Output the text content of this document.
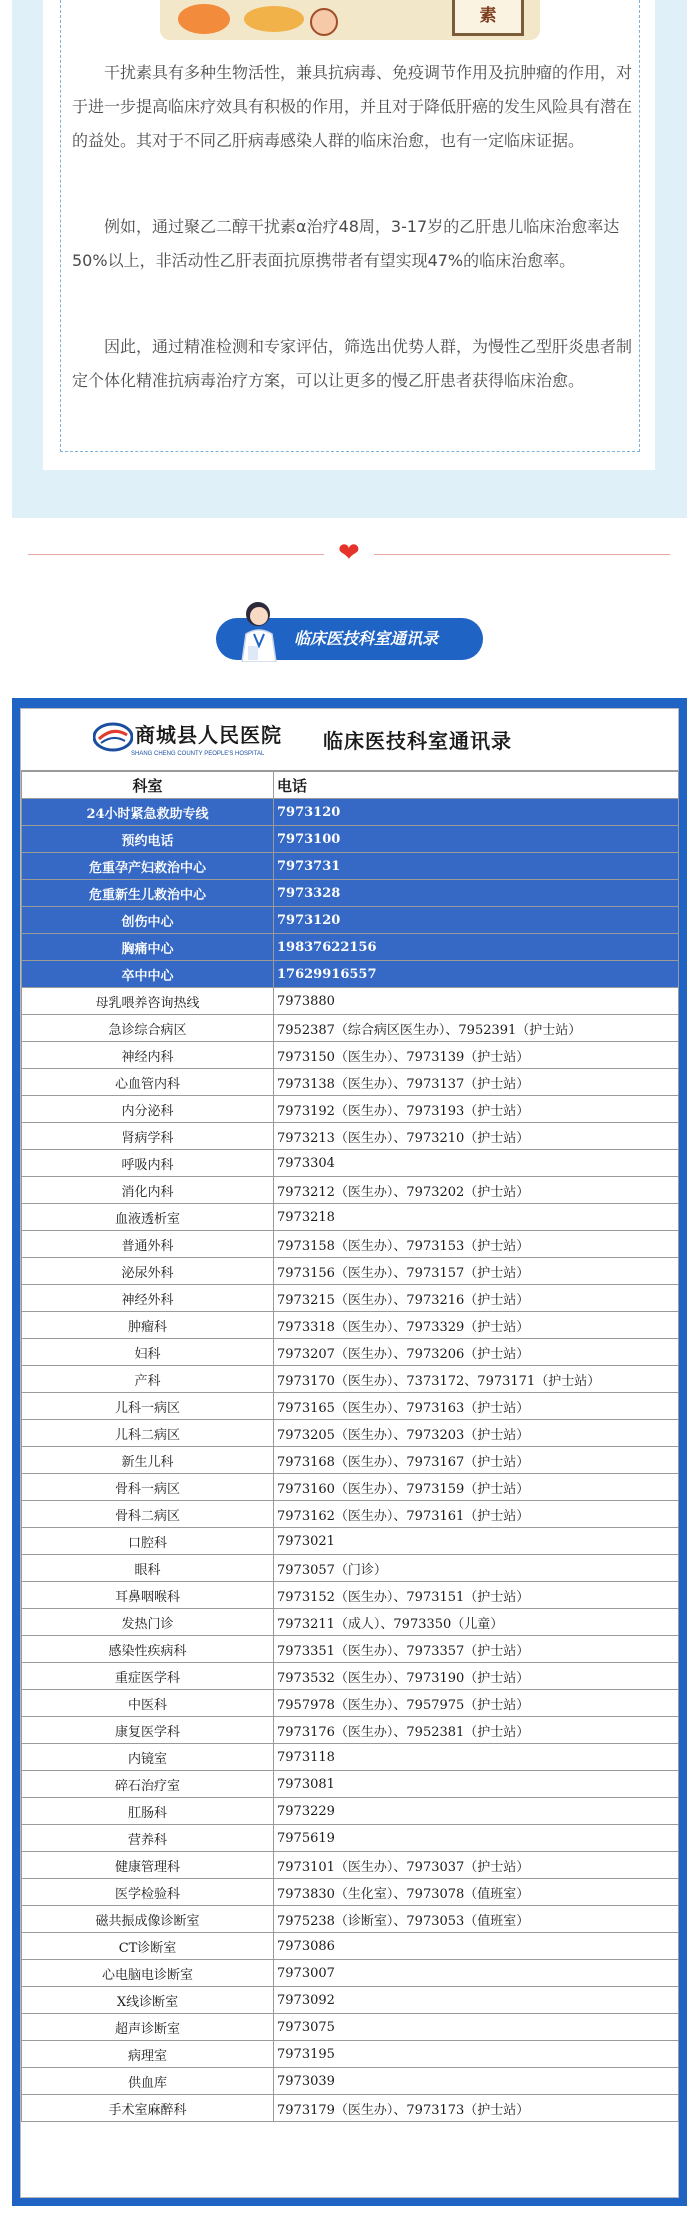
素

干扰素具有多种生物活性，兼具抗病毒、免疫调节作用及抗肿瘤的作用，对于进一步提高临床疗效具有积极的作用，并且对于降低肝癌的发生风险具有潜在的益处。其对于不同乙肝病毒感染人群的临床治愈，也有一定临床证据。

例如，通过聚乙二醇干扰素α治疗48周，3-17岁的乙肝患儿临床治愈率达50%以上，非活动性乙肝表面抗原携带者有望实现47%的临床治愈率。

因此，通过精准检测和专家评估，筛选出优势人群，为慢性乙型肝炎患者制定个体化精准抗病毒治疗方案，可以让更多的慢乙肝患者获得临床治愈。

❤
临床医技科室通讯录
商城县人民医院
SHANG CHENG COUNTY PEOPLE'S HOSPITAL
临床医技科室通讯录
科室	电话
24小时紧急救助专线	7973120
预约电话	7973100
危重孕产妇救治中心	7973731
危重新生儿救治中心	7973328
创伤中心	7973120
胸痛中心	19837622156
卒中中心	17629916557
母乳喂养咨询热线	7973880
急诊综合病区	7952387（综合病区医生办）、7952391（护士站）
神经内科	7973150（医生办）、7973139（护士站）
心血管内科	7973138（医生办）、7973137（护士站）
内分泌科	7973192（医生办）、7973193（护士站）
肾病学科	7973213（医生办）、7973210（护士站）
呼吸内科	7973304
消化内科	7973212（医生办）、7973202（护士站）
血液透析室	7973218
普通外科	7973158（医生办）、7973153（护士站）
泌尿外科	7973156（医生办）、7973157（护士站）
神经外科	7973215（医生办）、7973216（护士站）
肿瘤科	7973318（医生办）、7973329（护士站）
妇科	7973207（医生办）、7973206（护士站）
产科	7973170（医生办）、7373172、7973171（护士站）
儿科一病区	7973165（医生办）、7973163（护士站）
儿科二病区	7973205（医生办）、7973203（护士站）
新生儿科	7973168（医生办）、7973167（护士站）
骨科一病区	7973160（医生办）、7973159（护士站）
骨科二病区	7973162（医生办）、7973161（护士站）
口腔科	7973021
眼科	7973057（门诊）
耳鼻咽喉科	7973152（医生办）、7973151（护士站）
发热门诊	7973211（成人）、7973350（儿童）
感染性疾病科	7973351（医生办）、7973357（护士站）
重症医学科	7973532（医生办）、7973190（护士站）
中医科	7957978（医生办）、7957975（护士站）
康复医学科	7973176（医生办）、7952381（护士站）
内镜室	7973118
碎石治疗室	7973081
肛肠科	7973229
营养科	7975619
健康管理科	7973101（医生办）、7973037（护士站）
医学检验科	7973830（生化室）、7973078（值班室）
磁共振成像诊断室	7975238（诊断室）、7973053（值班室）
CT诊断室	7973086
心电脑电诊断室	7973007
X线诊断室	7973092
超声诊断室	7973075
病理室	7973195
供血库	7973039
手术室麻醉科	7973179（医生办）、7973173（护士站）
